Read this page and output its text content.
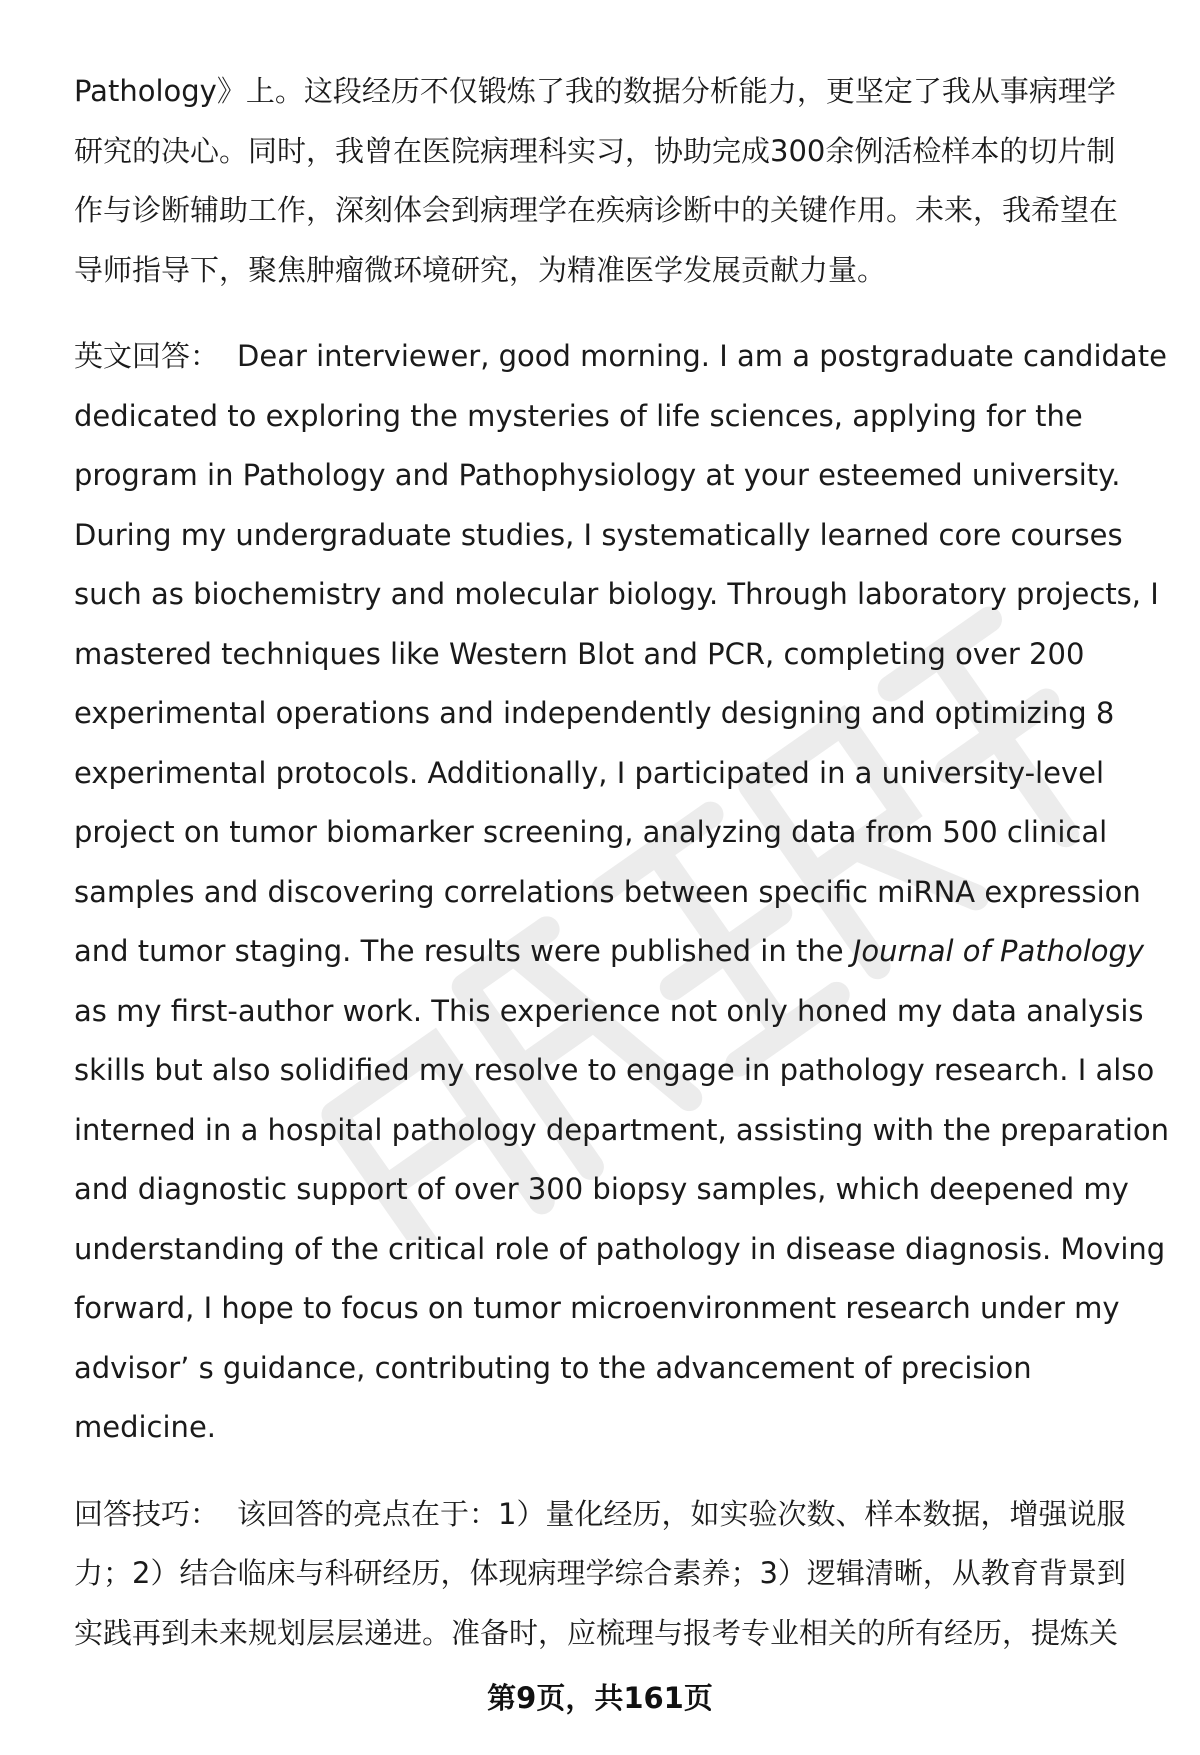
Pathology》上。这段经历不仅锻炼了我的数据分析能力，更坚定了我从事病理学
研究的决心。同时，我曾在医院病理科实习，协助完成300余例活检样本的切片制
作与诊断辅助工作，深刻体会到病理学在疾病诊断中的关键作用。未来，我希望在
导师指导下，聚焦肿瘤微环境研究，为精准医学发展贡献力量。

英文回答： Dear interviewer, good morning. I am a postgraduate candidate
dedicated to exploring the mysteries of life sciences, applying for the
program in Pathology and Pathophysiology at your esteemed university.
During my undergraduate studies, I systematically learned core courses
such as biochemistry and molecular biology. Through laboratory projects, I
mastered techniques like Western Blot and PCR, completing over 200
experimental operations and independently designing and optimizing 8
experimental protocols. Additionally, I participated in a university-level
project on tumor biomarker screening, analyzing data from 500 clinical
samples and discovering correlations between specific miRNA expression
and tumor staging. The results were published in the Journal of Pathology
as my first-author work. This experience not only honed my data analysis
skills but also solidified my resolve to engage in pathology research. I also
interned in a hospital pathology department, assisting with the preparation
and diagnostic support of over 300 biopsy samples, which deepened my
understanding of the critical role of pathology in disease diagnosis. Moving
forward, I hope to focus on tumor microenvironment research under my
advisor’ s guidance, contributing to the advancement of precision
medicine.

回答技巧： 该回答的亮点在于：1）量化经历，如实验次数、样本数据，增强说服
力；2）结合临床与科研经历，体现病理学综合素养；3）逻辑清晰，从教育背景到
实践再到未来规划层层递进。准备时，应梳理与报考专业相关的所有经历，提炼关

第9页，共161页
